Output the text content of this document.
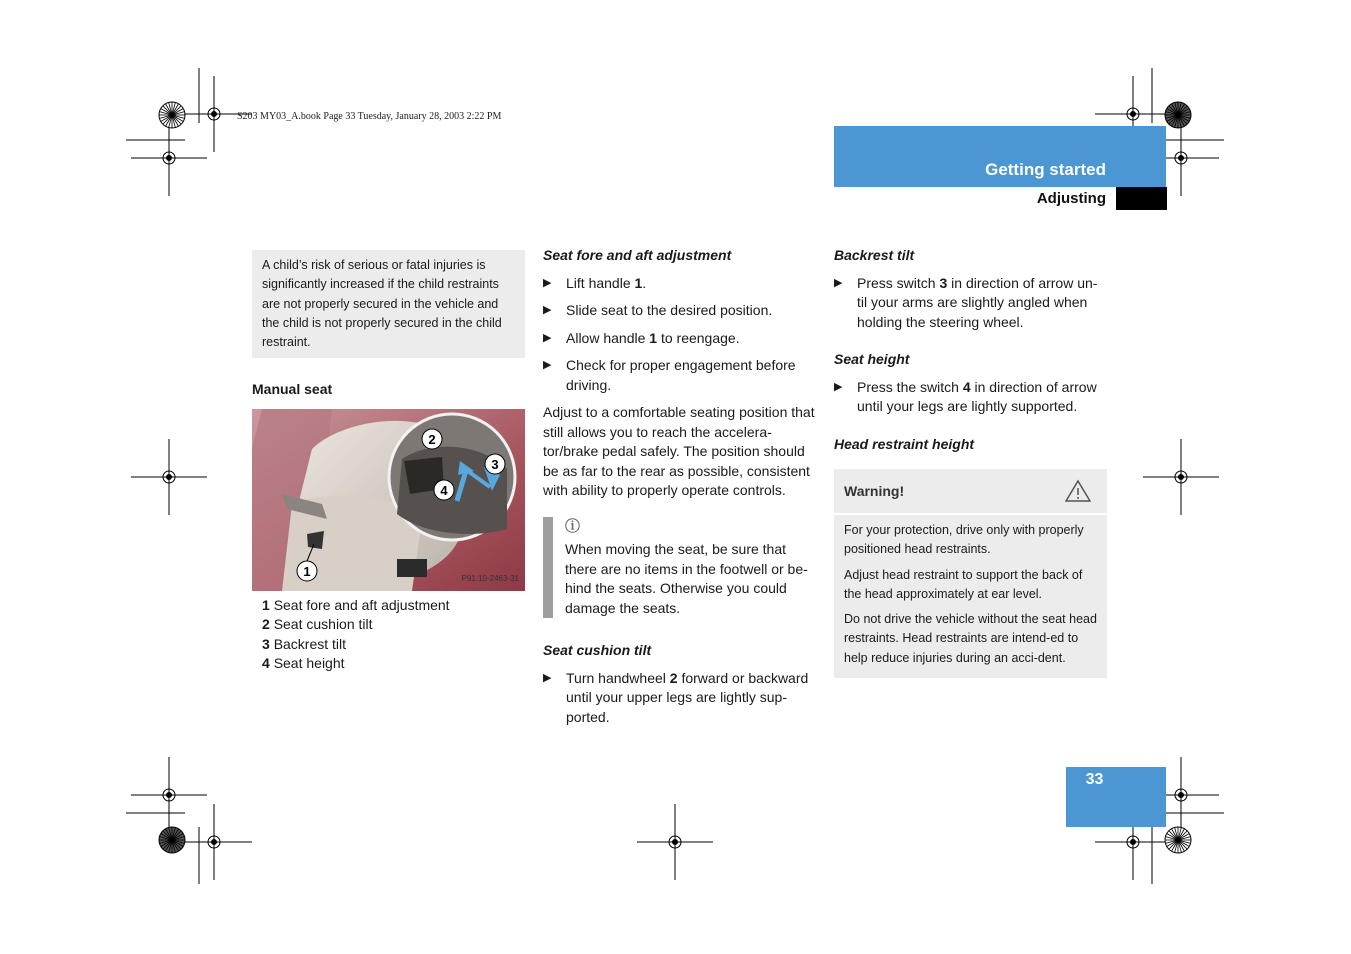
S203 MY03_A.book Page 33 Tuesday, January 28, 2003 2:22 PM
Getting started
Adjusting
33
A child’s risk of serious or fatal injuries is significantly increased if the child restraints are not properly secured in the vehicle and the child is not properly secured in the child restraint.

Manual seat

2
3
4
1	P91.10-2463-31
1 Seat fore and aft adjustment
2 Seat cushion tilt
3 Backrest tilt
4 Seat height

Seat fore and aft adjustment

▶ Lift handle 1.

▶ Slide seat to the desired position.

▶ Allow handle 1 to reengage.

▶ Check for proper engagement before driving.

Adjust to a comfortable seating position that still allows you to reach the accelera-tor/brake pedal safely. The position should be as far to the rear as possible, consistent with ability to properly operate controls.

ⓘ
When moving the seat, be sure that there are no items in the footwell or be-hind the seats. Otherwise you could damage the seats.

Seat cushion tilt

▶ Turn handwheel 2 forward or backward until your upper legs are lightly sup-ported.

Backrest tilt

▶ Press switch 3 in direction of arrow un-til your arms are slightly angled when holding the steering wheel.

Seat height

▶ Press the switch 4 in direction of arrow until your legs are lightly supported.

Head restraint height

Warning!

For your protection, drive only with properly positioned head restraints.

Adjust head restraint to support the back of the head approximately at ear level.

Do not drive the vehicle without the seat head restraints. Head restraints are intend-ed to help reduce injuries during an acci-dent.
